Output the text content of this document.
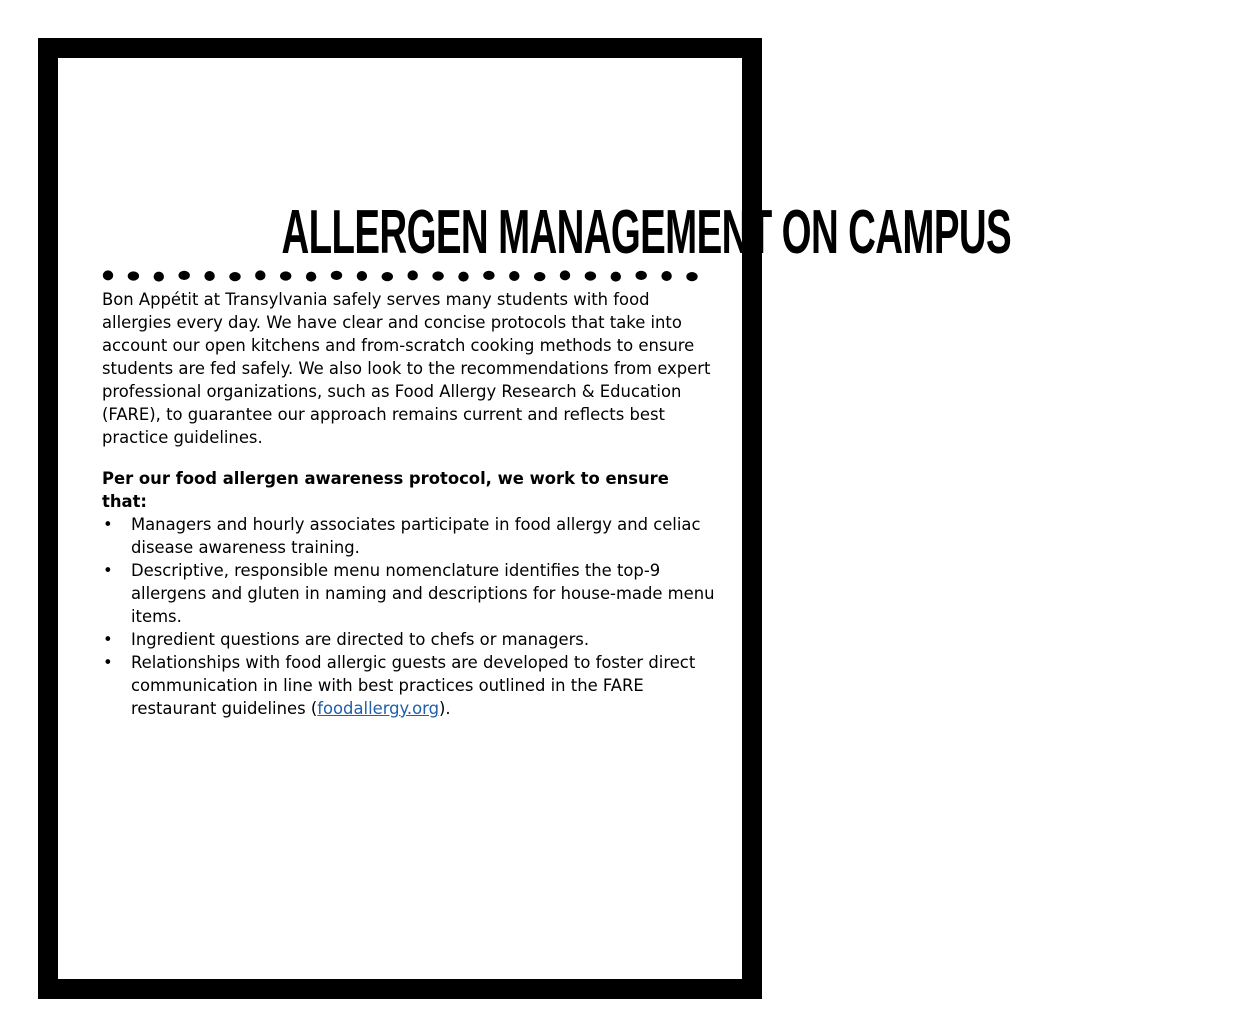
ALLERGEN MANAGEMENT ON CAMPUS

Bon Appétit at Transylvania safely serves many students with food allergies every day. We have clear and concise protocols that take into account our open kitchens and from-scratch cooking methods to ensure students are fed safely. We also look to the recommendations from expert professional organizations, such as Food Allergy Research & Education (FARE), to guarantee our approach remains current and reflects best practice guidelines.

Per our food allergen awareness protocol, we work to ensure that:

• Managers and hourly associates participate in food allergy and celiac disease awareness training.
• Descriptive, responsible menu nomenclature identifies the top-9 allergens and gluten in naming and descriptions for house-made menu items.
• Ingredient questions are directed to chefs or managers.
• Relationships with food allergic guests are developed to foster direct communication in line with best practices outlined in the FARE restaurant guidelines (foodallergy.org).
